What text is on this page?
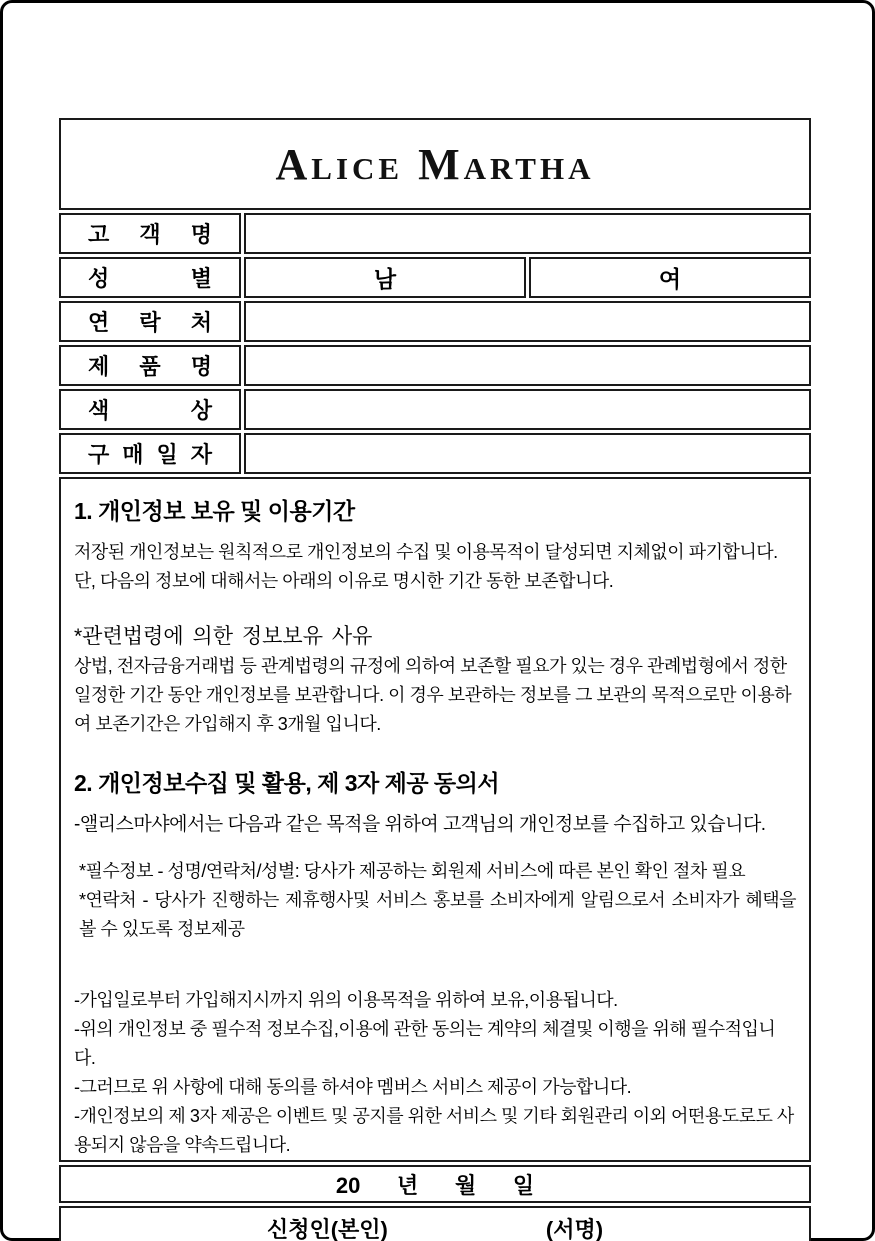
Alice Martha		

고 객 명		

성 별	남	여

연 락 처		

제 품 명		

색 상		

구 매 일 자		

1. 개인정보 보유 및 이용기간

저장된 개인정보는 원칙적으로 개인정보의 수집 및 이용목적이 달성되면 지체없이 파기합니다. 단, 다음의 정보에 대해서는 아래의 이유로 명시한 기간 동한 보존합니다.

*관련법령에 의한 정보보유 사유

상법, 전자금융거래법 등 관계법령의 규정에 의하여 보존할 필요가 있는 경우 관례법형에서 정한 일정한 기간 동안 개인정보를 보관합니다. 이 경우 보관하는 정보를 그 보관의 목적으로만 이용하여 보존기간은 가입해지 후 3개월 입니다.

2. 개인정보수집 및 활용, 제 3자 제공 동의서

-앨리스마샤에서는 다음과 같은 목적을 위하여 고객님의 개인정보를 수집하고 있습니다.

*필수정보 - 성명/연락처/성별: 당사가 제공하는 회원제 서비스에 따른 본인 확인 절차 필요
*연락처 - 당사가 진행하는 제휴행사및 서비스 홍보를 소비자에게 알림으로서 소비자가 혜택을 볼 수 있도록 정보제공

-가입일로부터 가입해지시까지 위의 이용목적을 위하여 보유,이용됩니다.

-위의 개인정보 중 필수적 정보수집,이용에 관한 동의는 계약의 체결및 이행을 위해 필수적입니다.

-그러므로 위 사항에 대해 동의를 하셔야 멤버스 서비스 제공이 가능합니다.

-개인정보의 제 3자 제공은 이벤트 및 공지를 위한 서비스 및 기타 회원관리 이외 어떤용도로도 사용되지 않음을 약속드립니다.

20      년      월      일		

신청인(본인) (서명)		
